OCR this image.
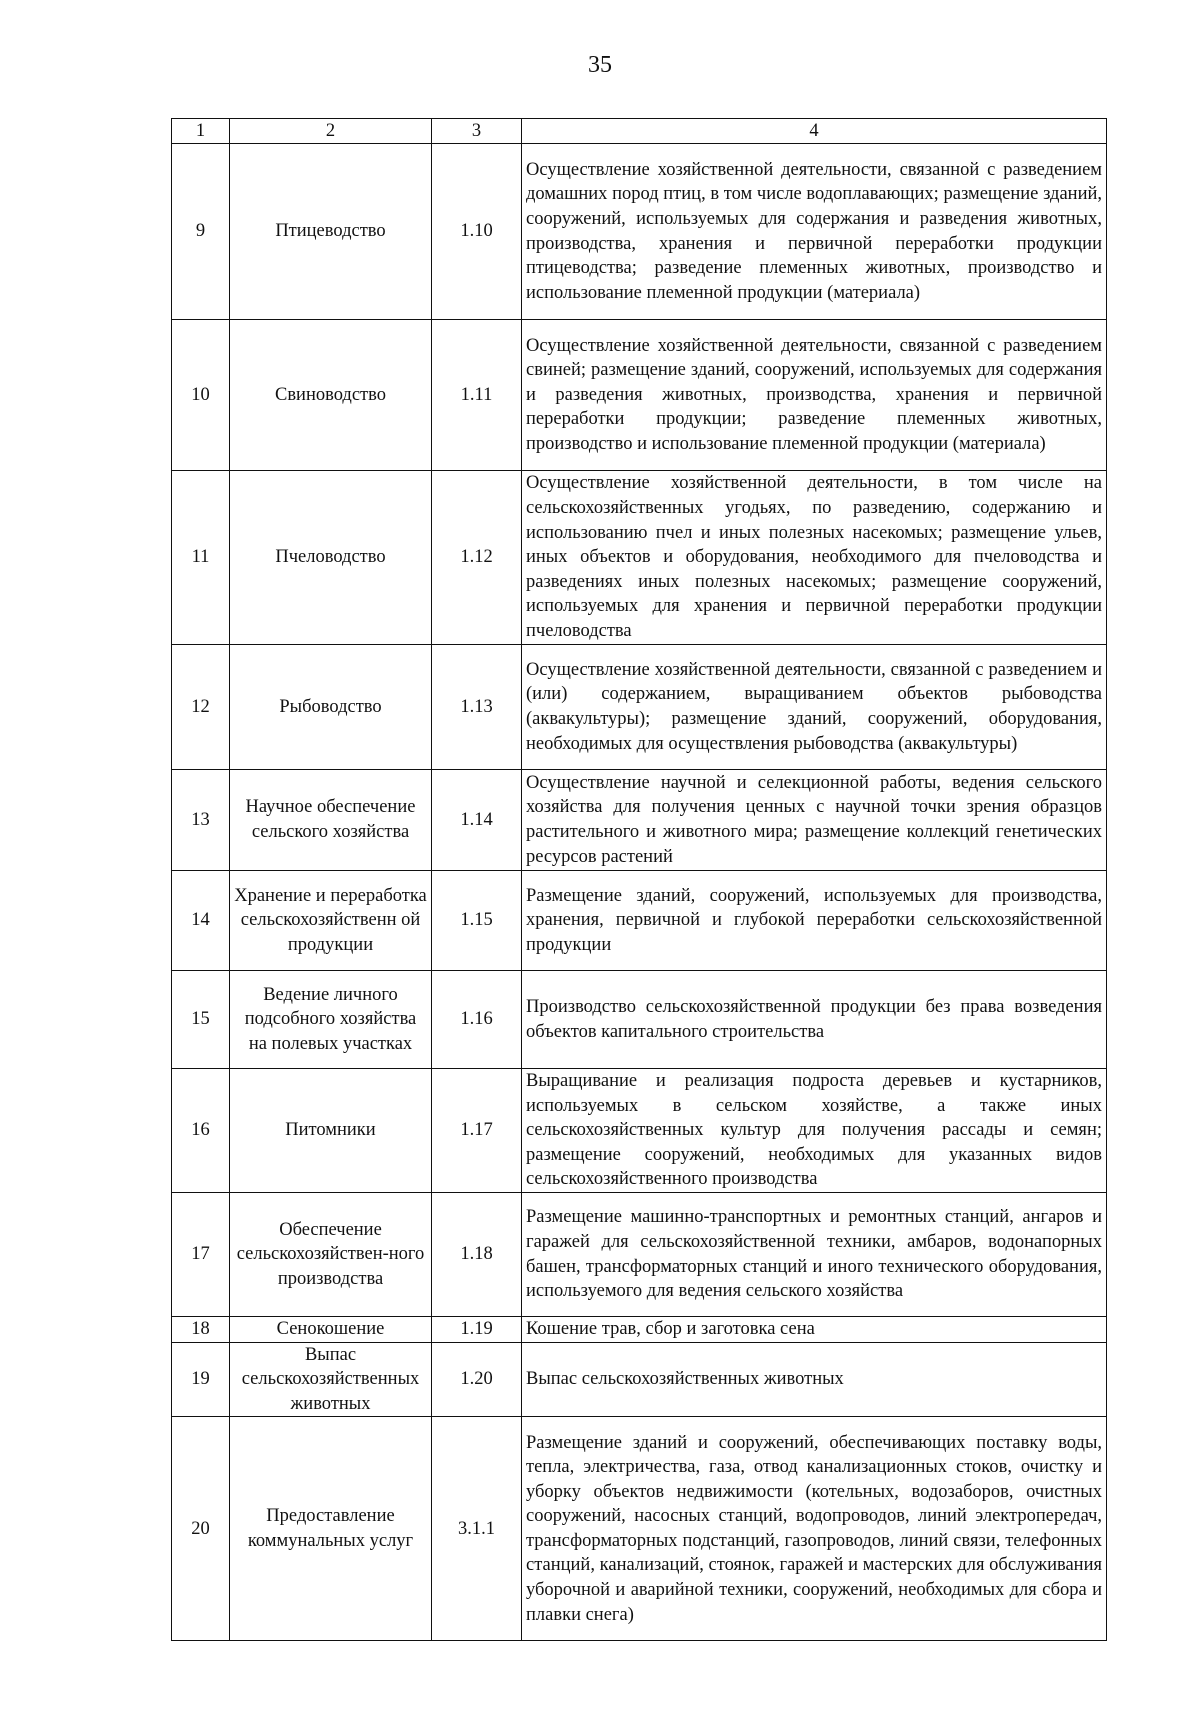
35
1	2	3	4
9	Птицеводство	1.10	Осуществление хозяйственной деятельности, связанной с разведением домашних пород птиц, в том числе водоплавающих; размещение зданий, сооружений, используемых для содержания и разведения животных, производства, хранения и первичной переработки продукции птицеводства; разведение племенных животных, производство и использование племенной продукции (материала)
10	Свиноводство	1.11	Осуществление хозяйственной деятельности, связанной с разведением свиней; размещение зданий, сооружений, используемых для содержания и разведения животных, производства, хранения и первичной переработки продукции; разведение племенных животных, производство и использование племенной продукции (материала)
11	Пчеловодство	1.12	Осуществление хозяйственной деятельности, в том числе на сельскохозяйственных угодьях, по разведению, содержанию и использованию пчел и иных полезных насекомых; размещение ульев, иных объектов и оборудования, необходимого для пчеловодства и разведениях иных полезных насекомых; размещение сооружений, используемых для хранения и первичной переработки продукции пчеловодства
12	Рыбоводство	1.13	Осуществление хозяйственной деятельности, связанной с разведением и (или) содержанием, выращиванием объектов рыбоводства (аквакультуры); размещение зданий, сооружений, оборудования, необходимых для осуществления рыбоводства (аквакультуры)
13	Научное обеспечение сельского хозяйства	1.14	Осуществление научной и селекционной работы, ведения сельского хозяйства для получения ценных с научной точки зрения образцов растительного и животного мира; размещение коллекций генетических ресурсов растений
14	Хранение и переработка сельскохозяйственн ой продукции	1.15	Размещение зданий, сооружений, используемых для производства, хранения, первичной и глубокой переработки сельскохозяйственной продукции
15	Ведение личного подсобного хозяйства на полевых участках	1.16	Производство сельскохозяйственной продукции без права возведения объектов капитального строительства
16	Питомники	1.17	Выращивание и реализация подроста деревьев и кустарников, используемых в сельском хозяйстве, а также иных сельскохозяйственных культур для получения рассады и семян; размещение сооружений, необходимых для указанных видов сельскохозяйственного производства
17	Обеспечение сельскохозяйствен-ного производства	1.18	Размещение машинно-транспортных и ремонтных станций, ангаров и гаражей для сельскохозяйственной техники, амбаров, водонапорных башен, трансформаторных станций и иного технического оборудования, используемого для ведения сельского хозяйства
18	Сенокошение	1.19	Кошение трав, сбор и заготовка сена
19	Выпас сельскохозяйственных животных	1.20	Выпас сельскохозяйственных животных
20	Предоставление коммунальных услуг	3.1.1	Размещение зданий и сооружений, обеспечивающих поставку воды, тепла, электричества, газа, отвод канализационных стоков, очистку и уборку объектов недвижимости (котельных, водозаборов, очистных сооружений, насосных станций, водопроводов, линий электропередач, трансформаторных подстанций, газопроводов, линий связи, телефонных станций, канализаций, стоянок, гаражей и мастерских для обслуживания уборочной и аварийной техники, сооружений, необходимых для сбора и плавки снега)
